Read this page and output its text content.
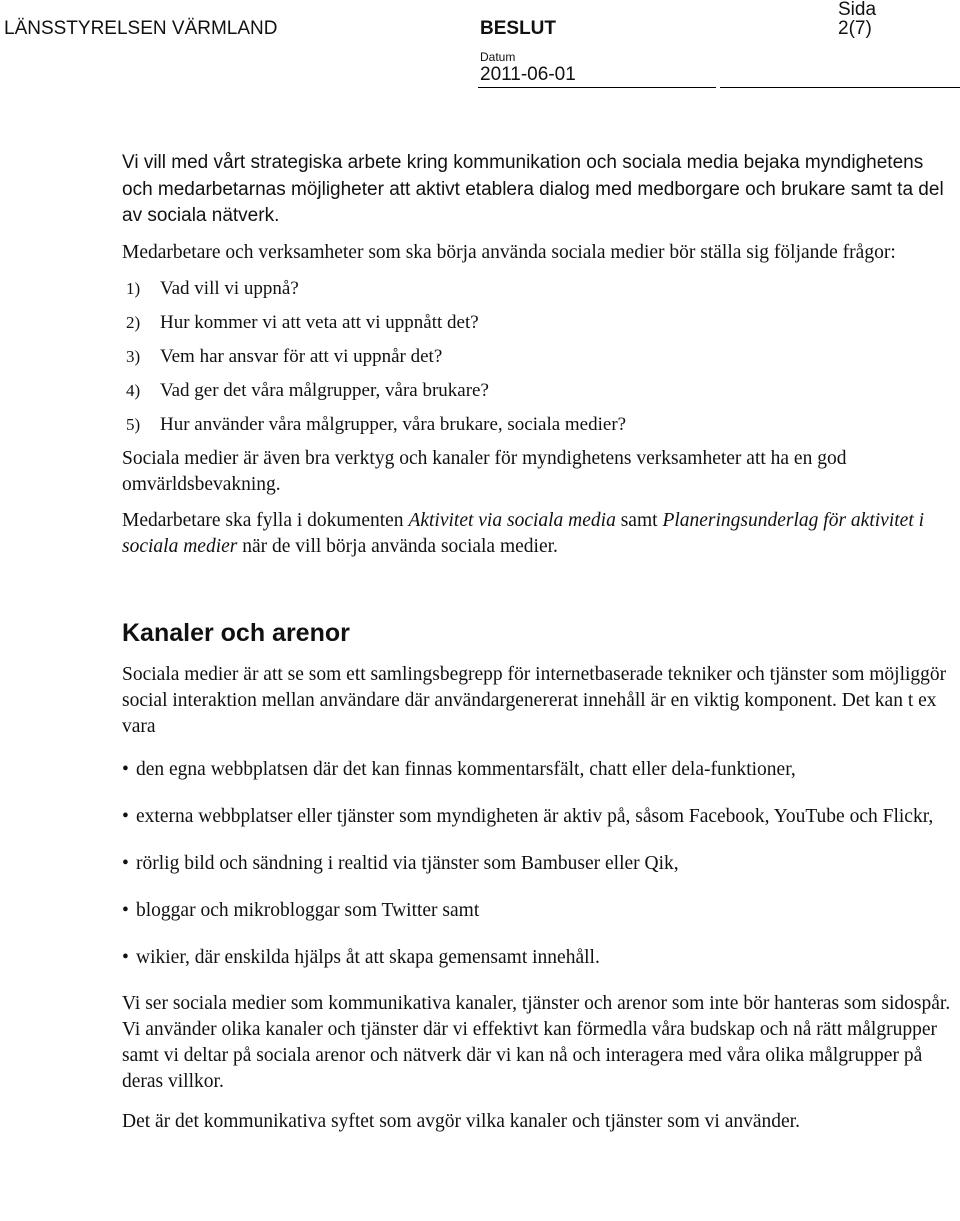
LÄNSSTYRELSEN VÄRMLAND	BESLUT
Sida
2(7)
Datum
2011-06-01

Vi vill med vårt strategiska arbete kring kommunikation och sociala media bejaka myndighetens och medarbetarnas möjligheter att aktivt etablera dialog med medborgare och brukare samt ta del av sociala nätverk.

Medarbetare och verksamheter som ska börja använda sociala medier bör ställa sig följande frågor:

1) Vad vill vi uppnå?
2) Hur kommer vi att veta att vi uppnått det?
3) Vem har ansvar för att vi uppnår det?
4) Vad ger det våra målgrupper, våra brukare?
5) Hur använder våra målgrupper, våra brukare, sociala medier?

Sociala medier är även bra verktyg och kanaler för myndighetens verksamheter att ha en god omvärldsbevakning.

Medarbetare ska fylla i dokumenten Aktivitet via sociala media samt Planeringsunderlag för aktivitet i sociala medier när de vill börja använda sociala medier.

Kanaler och arenor

Sociala medier är att se som ett samlingsbegrepp för internetbaserade tekniker och tjänster som möjliggör social interaktion mellan användare där användargenererat innehåll är en viktig komponent. Det kan t ex vara

• den egna webbplatsen där det kan finnas kommentarsfält, chatt eller dela-funktioner,
• externa webbplatser eller tjänster som myndigheten är aktiv på, såsom Facebook, YouTube och Flickr,
• rörlig bild och sändning i realtid via tjänster som Bambuser eller Qik,
• bloggar och mikrobloggar som Twitter samt
• wikier, där enskilda hjälps åt att skapa gemensamt innehåll.

Vi ser sociala medier som kommunikativa kanaler, tjänster och arenor som inte bör hanteras som sidospår. Vi använder olika kanaler och tjänster där vi effektivt kan förmedla våra budskap och nå rätt målgrupper samt vi deltar på sociala arenor och nätverk där vi kan nå och interagera med våra olika målgrupper på deras villkor.

Det är det kommunikativa syftet som avgör vilka kanaler och tjänster som vi använder.
